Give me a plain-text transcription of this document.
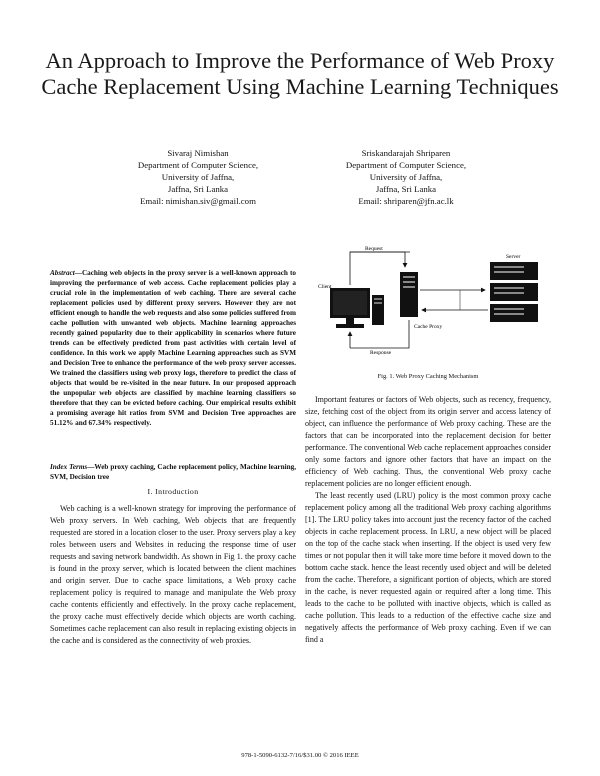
An Approach to Improve the Performance of Web Proxy Cache Replacement Using Machine Learning Techniques
Sivaraj Nimishan
Department of Computer Science,
University of Jaffna,
Jaffna, Sri Lanka
Email: nimishan.siv@gmail.com
Sriskandarajah Shriparen
Department of Computer Science,
University of Jaffna,
Jaffna, Sri Lanka
Email: shriparen@jfn.ac.lk
Abstract—Caching web objects in the proxy server is a well-known approach to improving the performance of web access. Cache replacement policies play a crucial role in the implementation of web caching. There are several cache replacement policies used by different proxy servers. However they are not efficient enough to handle the web requests and also some policies suffered from cache pollution with unwanted web objects. Machine learning approaches recently gained popularity due to their applicability in scenarios where future trends can be effectively predicted from past activities with certain level of confidence. In this work we apply Machine Learning approaches such as SVM and Decision Tree to enhance the performance of the web proxy server accesses. We trained the classifiers using web proxy logs, therefore to predict the class of objects that would be re-visited in the near future. In our proposed approach the unpopular web objects are classified by machine learning classifiers so therefore that they can be evicted before caching. Our empirical results exhibit a promising average hit ratios from SVM and Decision Tree approaches are 51.12% and 67.34% respectively.
Index Terms—Web proxy caching, Cache replacement policy, Machine learning, SVM, Decision tree
I. Introduction

Web caching is a well-known strategy for improving the performance of Web proxy servers. In Web caching, Web objects that are frequently requested are stored in a location closer to the user. Proxy servers play a key roles between users and Websites in reducing the response time of user requests and saving network bandwidth. As shown in Fig 1. the proxy cache is found in the proxy server, which is located between the client machines and origin server. Due to cache space limitations, a Web proxy cache replacement policy is required to manage and manipulate the Web proxy cache contents efficiently and effectively. In the proxy cache replacement, the proxy cache must effectively decide which objects are worth caching. Sometimes cache replacement can also result in replacing existing objects in the cache and is considered as the connectivity of web proxies.

Request
Client
Cache Proxy
Server
Response
Fig. 1. Web Proxy Caching Mechanism

Important features or factors of Web objects, such as recency, frequency, size, fetching cost of the object from its origin server and access latency of object, can influence the performance of Web proxy caching. These are the factors that can be incorporated into the replacement decision for better performance. The conventional Web cache replacement approaches consider only some factors and ignore other factors that have an impact on the efficiency of Web caching. Thus, the conventional Web proxy cache replacement policies are no longer efficient enough.

The least recently used (LRU) policy is the most common proxy cache replacement policy among all the traditional Web proxy caching algorithms [1]. The LRU policy takes into account just the recency factor of the cached objects in cache replacement process. In LRU, a new object will be placed on the top of the cache stack when inserting. If the object is used very few times or not popular then it will take more time before it moved down to the bottom cache stack. hence the least recently used object and will be deleted from the cache. Therefore, a significant portion of objects, which are stored in the cache, is never requested again or required after a long time. This leads to the cache to be polluted with inactive objects, which is called as cache pollution. This leads to a reduction of the effective cache size and negatively affects the performance of Web proxy caching. Even if we can find a

978-1-5090-6132-7/16/$31.00 © 2016 IEEE
